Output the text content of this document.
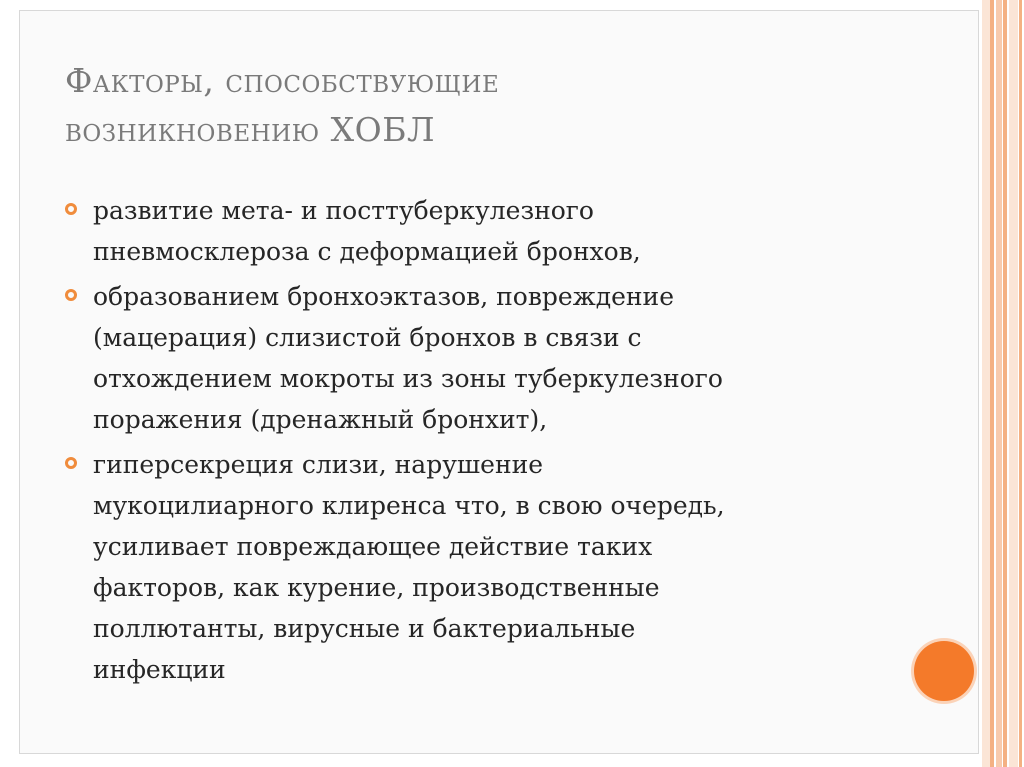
Факторы, способствующие
возникновению ХОБЛ
развитие мета- и посттуберкулезного
пневмосклероза с деформацией бронхов,
образованием бронхоэктазов, повреждение
(мацерация) слизистой бронхов в связи с
отхождением мокроты из зоны туберкулезного
поражения (дренажный бронхит),
гиперсекреция слизи, нарушение
мукоцилиарного клиренса что, в свою очередь,
усиливает повреждающее действие таких
факторов, как курение, производственные
поллютанты, вирусные и бактериальные
инфекции
